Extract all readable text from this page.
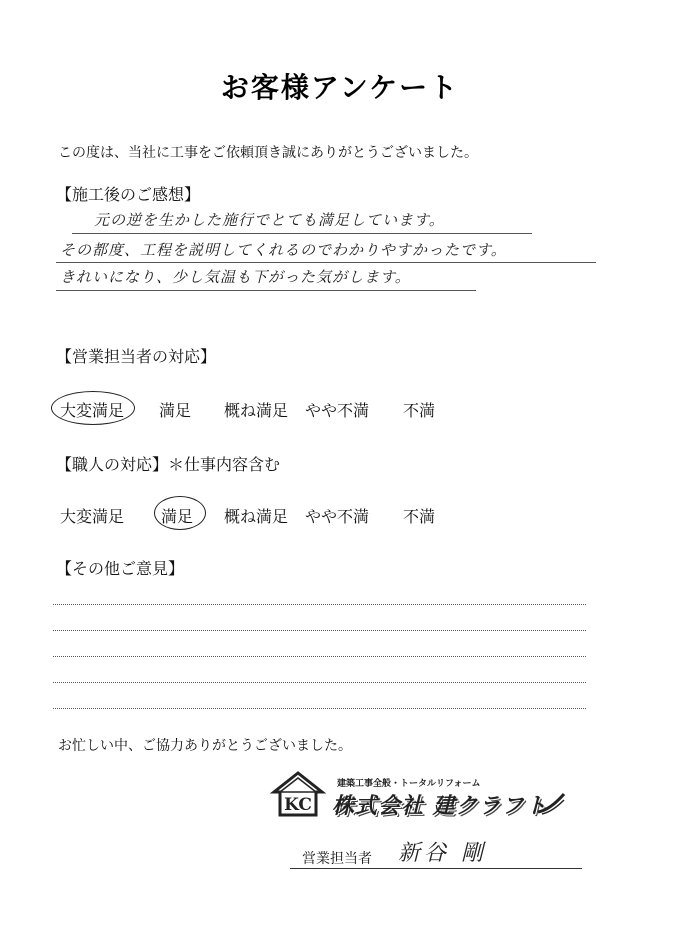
お客様アンケート
この度は、当社に工事をご依頼頂き誠にありがとうございました。
【施工後のご感想】
元の逆を生かした施行でとても満足しています。
その都度、工程を説明してくれるのでわかりやすかったです。
きれいになり、少し気温も下がった気がします。
【営業担当者の対応】
大変満足 満足 概ね満足 やや不満 不満
【職人の対応】＊仕事内容含む
大変満足 満足 概ね満足 やや不満 不満
【その他ご意見】
お忙しい中、ご協力ありがとうございました。
KC
建築工事全般・トータルリフォーム
株式会社 建クラフト
営業担当者 新谷 剛
